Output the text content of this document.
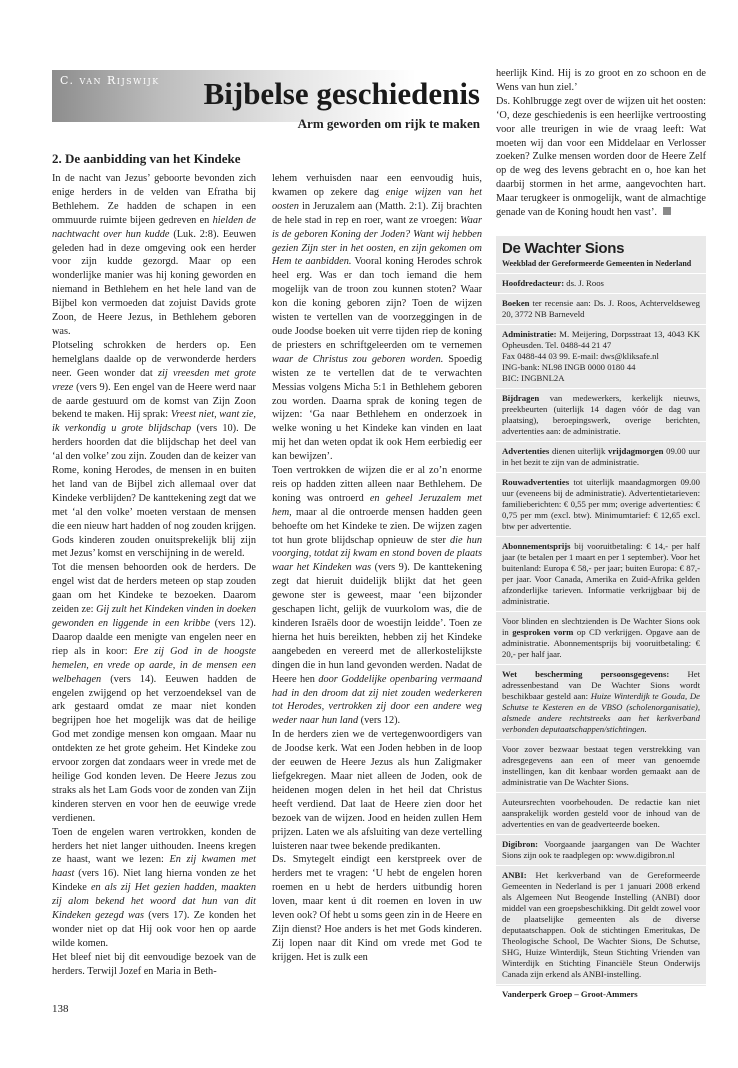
C. van Rijswijk Bijbelse geschiedenis
Arm geworden om rijk te maken
2. De aanbidding van het Kindeke

In de nacht van Jezus’ geboorte bevonden zich enige herders in de velden van Efratha bij Bethlehem. Ze hadden de schapen in een ommuurde ruimte bijeen gedreven en hielden de nachtwacht over hun kudde (Luk. 2:8). Eeuwen geleden had in deze omgeving ook een herder voor zijn kudde gezorgd. Maar op een wonderlijke manier was hij koning geworden en niemand in Bethlehem en het hele land van de Bijbel kon vermoeden dat zojuist Davids grote Zoon, de Heere Jezus, in Bethlehem geboren was.

Plotseling schrokken de herders op. Een hemelglans daalde op de verwonderde herders neer. Geen wonder dat zij vreesden met grote vreze (vers 9). Een engel van de Heere werd naar de aarde gestuurd om de komst van Zijn Zoon bekend te maken. Hij sprak: Vreest niet, want zie, ik verkondig u grote blijdschap (vers 10). De herders hoorden dat die blijdschap het deel van ‘al den volke’ zou zijn. Zouden dan de keizer van Rome, koning Herodes, de mensen in en buiten het land van de Bijbel zich allemaal over dat Kindeke verblijden? De kanttekening zegt dat we met ‘al den volke’ moeten verstaan de mensen die een nieuw hart hadden of nog zouden krijgen. Gods kinderen zouden onuitsprekelijk blij zijn met Jezus’ komst en verschijning in de wereld.

Tot die mensen behoorden ook de herders. De engel wist dat de herders meteen op stap zouden gaan om het Kindeke te bezoeken. Daarom zeiden ze: Gij zult het Kindeken vinden in doeken gewonden en liggende in een kribbe (vers 12). Daarop daalde een menigte van engelen neer en riep als in koor: Ere zij God in de hoogste hemelen, en vrede op aarde, in de mensen een welbehagen (vers 14). Eeuwen hadden de engelen zwijgend op het verzoendeksel van de ark gestaard omdat ze maar niet konden begrijpen hoe het mogelijk was dat de heilige God met zondige mensen kon omgaan. Maar nu ontdekten ze het grote geheim. Het Kindeke zou ervoor zorgen dat zondaars weer in vrede met de heilige God konden leven. De Heere Jezus zou straks als het Lam Gods voor de zonden van Zijn kinderen sterven en voor hen de eeuwige vrede verdienen.

Toen de engelen waren vertrokken, konden de herders het niet langer uithouden. Ineens kregen ze haast, want we lezen: En zij kwamen met haast (vers 16). Niet lang hierna vonden ze het Kindeke en als zij Het gezien hadden, maakten zij alom bekend het woord dat hun van dit Kindeken gezegd was (vers 17). Ze konden het wonder niet op dat Hij ook voor hen op aarde wilde komen.

Het bleef niet bij dit eenvoudige bezoek van de herders. Terwijl Jozef en Maria in Beth-

lehem verhuisden naar een eenvoudig huis, kwamen op zekere dag enige wijzen van het oosten in Jeruzalem aan (Matth. 2:1). Zij brachten de hele stad in rep en roer, want ze vroegen: Waar is de geboren Koning der Joden? Want wij hebben gezien Zijn ster in het oosten, en zijn gekomen om Hem te aanbidden. Vooral koning Herodes schrok heel erg. Was er dan toch iemand die hem mogelijk van de troon zou kunnen stoten? Waar kon die koning geboren zijn? Toen de wijzen wisten te vertellen van de voorzeggingen in de oude Joodse boeken uit verre tijden riep de koning de priesters en schriftgeleerden om te vernemen waar de Christus zou geboren worden. Spoedig wisten ze te vertellen dat de te verwachten Messias volgens Micha 5:1 in Bethlehem geboren zou worden. Daarna sprak de koning tegen de wijzen: ‘Ga naar Bethlehem en onderzoek in welke woning u het Kindeke kan vinden en laat mij het dan weten opdat ik ook Hem eerbiedig eer kan bewijzen’.

Toen vertrokken de wijzen die er al zo’n enorme reis op hadden zitten alleen naar Bethlehem. De koning was ontroerd en geheel Jeruzalem met hem, maar al die ontroerde mensen hadden geen behoefte om het Kindeke te zien. De wijzen zagen tot hun grote blijdschap opnieuw de ster die hun voorging, totdat zij kwam en stond boven de plaats waar het Kindeken was (vers 9). De kanttekening zegt dat hieruit duidelijk blijkt dat het geen gewone ster is geweest, maar ‘een bijzonder geschapen licht, gelijk de vuurkolom was, die de kinderen Israëls door de woestijn leidde’. Toen ze hierna het huis bereikten, hebben zij het Kindeke aangebeden en vereerd met de allerkostelijkste dingen die in hun land gevonden werden. Nadat de Heere hen door Goddelijke openbaring vermaand had in den droom dat zij niet zouden wederkeren tot Herodes, vertrokken zij door een andere weg weder naar hun land (vers 12).

In de herders zien we de vertegenwoordigers van de Joodse kerk. Wat een Joden hebben in de loop der eeuwen de Heere Jezus als hun Zaligmaker liefgekregen. Maar niet alleen de Joden, ook de heidenen mogen delen in het heil dat Christus heeft verdiend. Dat laat de Heere zien door het bezoek van de wijzen. Jood en heiden zullen Hem prijzen. Laten we als afsluiting van deze vertelling luisteren naar twee bekende predikanten.

Ds. Smytegelt eindigt een kerstpreek over de herders met te vragen: ‘U hebt de engelen horen roemen en u hebt de herders uitbundig horen loven, maar kent ú dit roemen en loven in uw leven ook? Of hebt u soms geen zin in de Heere en Zijn dienst? Hoe anders is het met Gods kinderen. Zij lopen naar dit Kind om vrede met God te krijgen. Het is zulk een

heerlijk Kind. Hij is zo groot en zo schoon en de Wens van hun ziel.’

Ds. Kohlbrugge zegt over de wijzen uit het oosten: ‘O, deze geschiedenis is een heerlijke vertroosting voor alle treurigen in wie de vraag leeft: Wat moeten wij dan voor een Middelaar en Verlosser zoeken? Zulke mensen worden door de Heere Zelf op de weg des levens gebracht en o, hoe kan het daarbij stormen in het arme, aangevochten hart. Maar terugkeer is onmogelijk, want de almachtige genade van de Koning houdt hen vast’.

De Wachter Sions
Weekblad der Gereformeerde Gemeenten in Nederland

Hoofdredacteur: ds. J. Roos

Boeken ter recensie aan: Ds. J. Roos, Achterveldseweg 20, 3772 NB Barneveld

Administratie: M. Meijering, Dorpsstraat 13, 4043 KK Opheusden. Tel. 0488-44 21 47

Fax 0488-44 03 99. E-mail: dws@kliksafe.nl

ING-bank: NL98 INGB 0000 0180 44

BIC: INGBNL2A

Bijdragen van medewerkers, kerkelijk nieuws, preekbeurten (uiterlijk 14 dagen vóór de dag van plaatsing), beroepingswerk, overige berichten, advertenties aan: de administratie.

Advertenties dienen uiterlijk vrijdagmorgen 09.00 uur in het bezit te zijn van de administratie.

Rouwadvertenties tot uiterlijk maandagmorgen 09.00 uur (eveneens bij de administratie). Advertentietarieven: familieberichten: € 0,55 per mm; overige advertenties: € 0,75 per mm (excl. btw). Minimumtarief: € 12,65 excl. btw per advertentie.

Abonnementsprijs bij vooruitbetaling: € 14,- per half jaar (te betalen per 1 maart en per 1 september). Voor het buitenland: Europa € 58,- per jaar; buiten Europa: € 87,- per jaar. Voor Canada, Amerika en Zuid-Afrika gelden afzonderlijke tarieven. Informatie verkrijgbaar bij de administratie.

Voor blinden en slechtzienden is De Wachter Sions ook in gesproken vorm op CD verkrijgen. Opgave aan de administratie. Abonnementsprijs bij vooruitbetaling: € 20,- per half jaar.

Wet bescherming persoonsgegevens: Het adressenbestand van De Wachter Sions wordt beschikbaar gesteld aan: Huize Winterdijk te Gouda, De Schutse te Kesteren en de VBSO (scholenorganisatie), alsmede andere rechtstreeks aan het kerkverband verbonden deputaatschappen/stichtingen.

Voor zover bezwaar bestaat tegen verstrekking van adresgegevens aan een of meer van genoemde instellingen, kan dit kenbaar worden gemaakt aan de administratie van De Wachter Sions.

Auteursrechten voorbehouden. De redactie kan niet aansprakelijk worden gesteld voor de inhoud van de advertenties en van de geadverteerde boeken.

Digibron: Voorgaande jaargangen van De Wachter Sions zijn ook te raadplegen op: www.digibron.nl

ANBI: Het kerkverband van de Gereformeerde Gemeenten in Nederland is per 1 januari 2008 erkend als Algemeen Nut Beogende Instelling (ANBI) door middel van een groepsbeschikking. Dit geldt zowel voor de plaatselijke gemeenten als de diverse deputaatschappen. Ook de stichtingen Emeritukas, De Theologische School, De Wachter Sions, De Schutse, SHG, Huize Winterdijk, Steun Stichting Vrienden van Winterdijk en Stichting Financiële Steun Onderwijs Canada zijn erkend als ANBI-instelling.

Vanderperk Groep – Groot-Ammers

138
